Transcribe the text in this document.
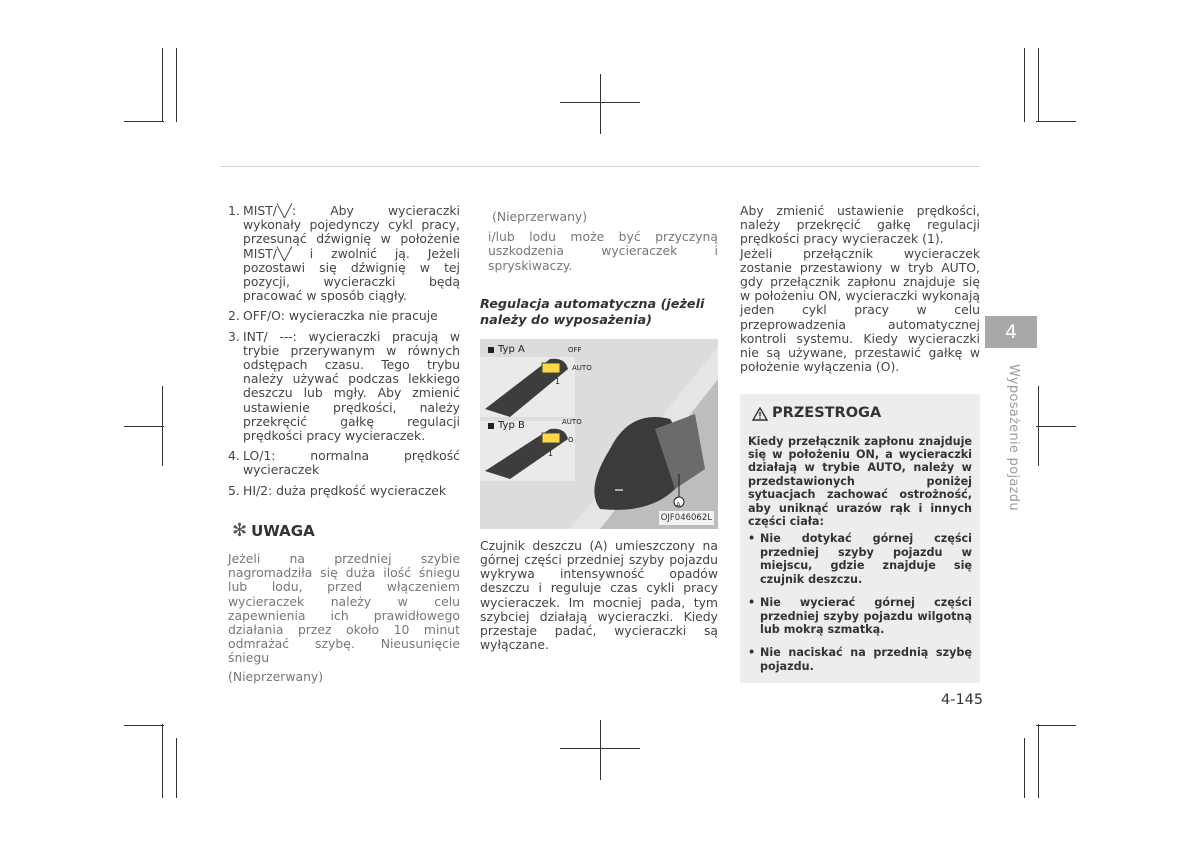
1. MIST/╲╱: Aby wycieraczki wykonały pojedynczy cykl pracy, przesunąć dźwignię w położenie MIST/╲╱ i zwolnić ją. Jeżeli pozostawi się dźwignię w tej pozycji, wycieraczki będą pracować w sposób ciągły.
2. OFF/O: wycieraczka nie pracuje
3. INT/ ---: wycieraczki pracują w trybie przerywanym w równych odstępach czasu. Tego trybu należy używać podczas lekkiego deszczu lub mgły. Aby zmienić ustawienie prędkości, należy przekręcić gałkę regulacji prędkości pracy wycieraczek.
4. LO/1: normalna prędkość wycieraczek
5. HI/2: duża prędkość wycieraczek
✻ UWAGA
Jeżeli na przedniej szybie nagromadziła się duża ilość śniegu lub lodu, przed włączeniem wycieraczek należy w celu zapewnienia ich prawidłowego działania przez około 10 minut odmrażać szybę. Nieusunięcie śniegu
(Nieprzerwany)
(Nieprzerwany)
i/lub lodu może być przyczyną uszkodzenia wycieraczek i spryskiwaczy.
Regulacja automatyczna (jeżeli należy do wyposażenia)
Typ A	OFF
AUTO
1
Typ B	AUTO
O
1
A
OJF046062L
Czujnik deszczu (A) umieszczony na górnej części przedniej szyby pojazdu wykrywa intensywność opadów deszczu i reguluje czas cykli pracy wycieraczek. Im mocniej pada, tym szybciej działają wycieraczki. Kiedy przestaje padać, wycieraczki są wyłączane.
Aby zmienić ustawienie prędkości, należy przekręcić gałkę regulacji prędkości pracy wycieraczek (1).
Jeżeli przełącznik wycieraczek zostanie przestawiony w tryb AUTO, gdy przełącznik zapłonu znajduje się w położeniu ON, wycieraczki wykonają jeden cykl pracy w celu przeprowadzenia automatycznej kontroli systemu. Kiedy wycieraczki nie są używane, przestawić gałkę w położenie wyłączenia (O).
PRZESTROGA
Kiedy przełącznik zapłonu znajduje się w położeniu ON, a wycieraczki działają w trybie AUTO, należy w przedstawionych poniżej sytuacjach zachować ostrożność, aby uniknąć urazów rąk i innych części ciała:
• Nie dotykać górnej części przedniej szyby pojazdu w miejscu, gdzie znajduje się czujnik deszczu.
• Nie wycierać górnej części przedniej szyby pojazdu wilgotną lub mokrą szmatką.
• Nie naciskać na przednią szybę pojazdu.
4
Wyposażenie pojazdu
4-145
